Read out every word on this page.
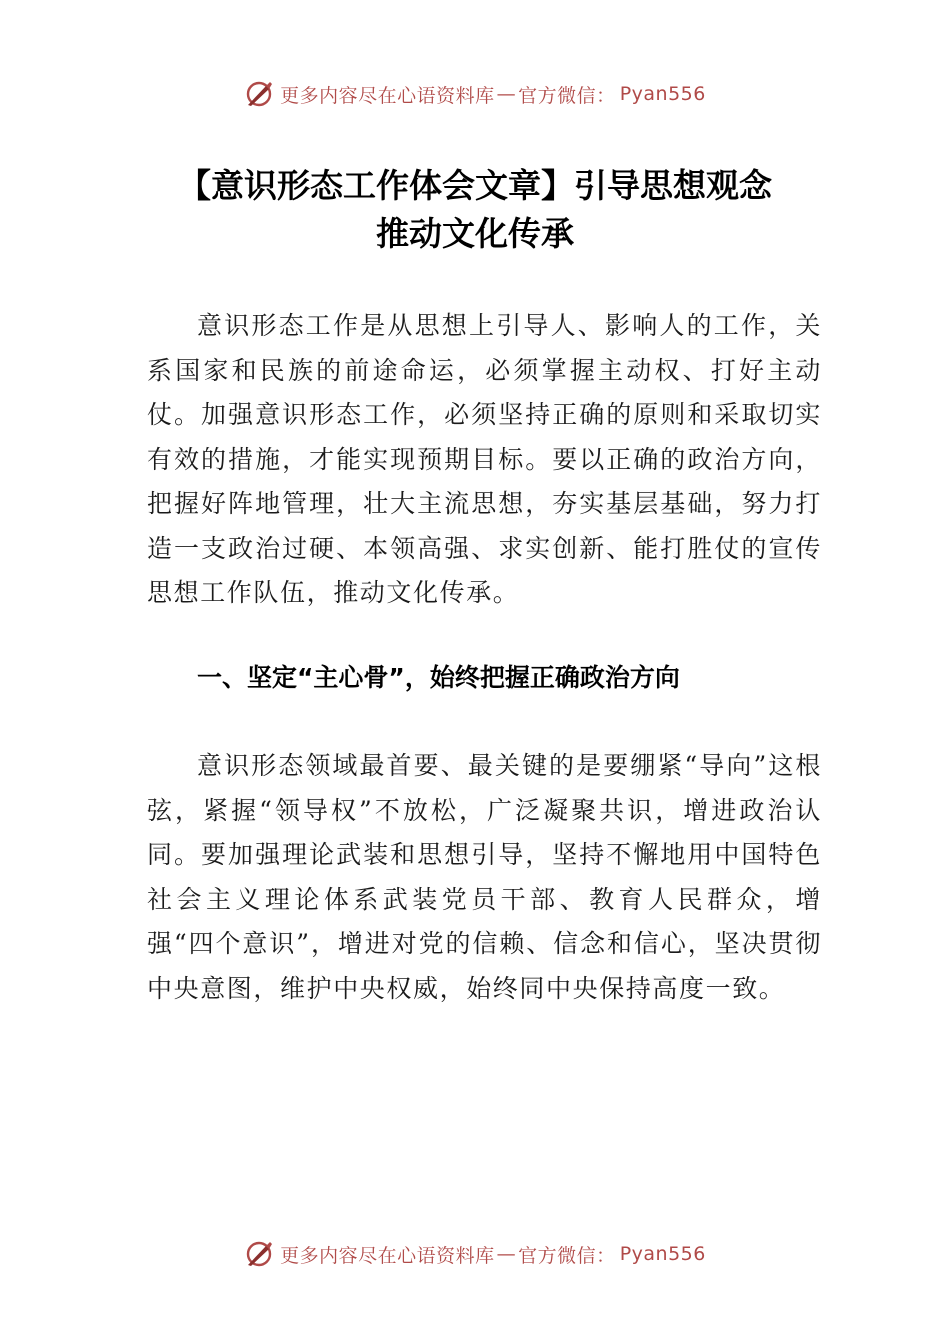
更多内容尽在心语资料库 — 官方微信： Pyan556
【意识形态工作体会文章】引导思想观念
推动文化传承
意识形态工作是从思想上引导人、影响人的工作，关系国家和民族的前途命运，必须掌握主动权、打好主动仗。加强意识形态工作，必须坚持正确的原则和采取切实有效的措施，才能实现预期目标。要以正确的政治方向，把握好阵地管理，壮大主流思想，夯实基层基础，努力打造一支政治过硬、本领高强、求实创新、能打胜仗的宣传思想工作队伍，推动文化传承。
一、坚定“主心骨”，始终把握正确政治方向
意识形态领域最首要、最关键的是要绷紧“导向”这根弦，紧握“领导权”不放松，广泛凝聚共识，增进政治认同。要加强理论武装和思想引导，坚持不懈地用中国特色社会主义理论体系武装党员干部、教育人民群众，增强“四个意识”，增进对党的信赖、信念和信心，坚决贯彻中央意图，维护中央权威，始终同中央保持高度一致。
更多内容尽在心语资料库 — 官方微信： Pyan556
